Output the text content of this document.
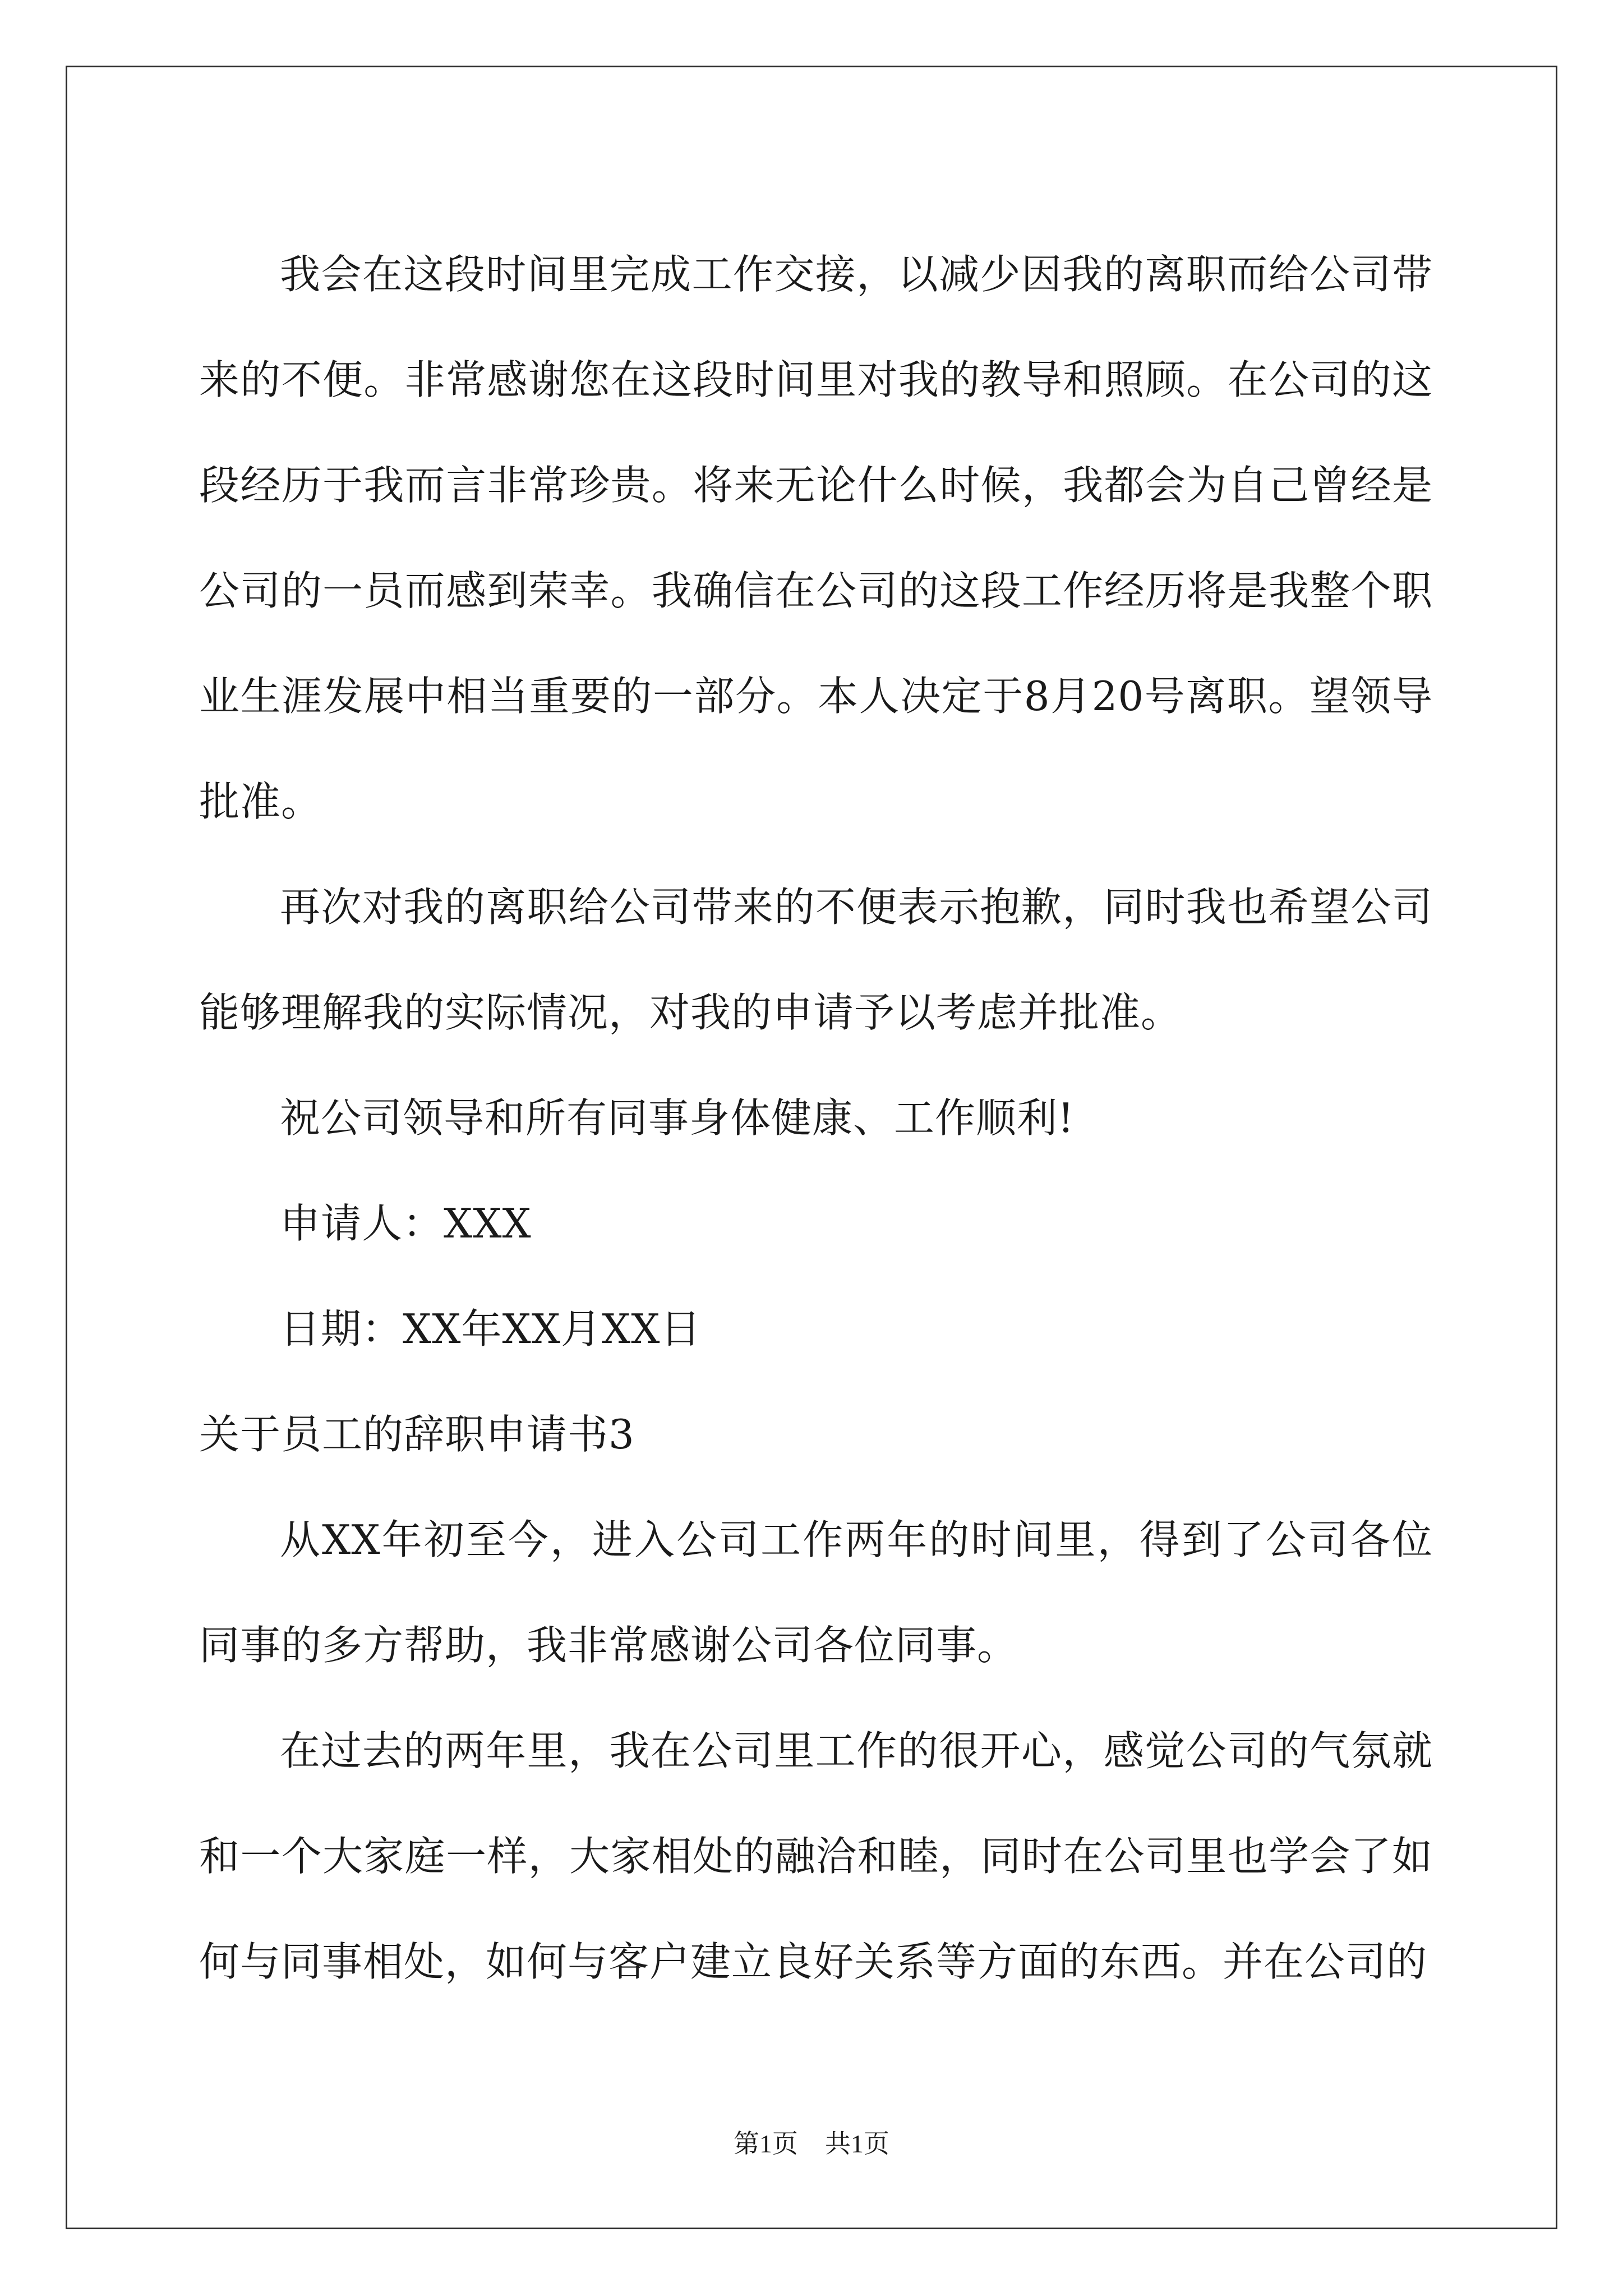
我会在这段时间里完成工作交接，以减少因我的离职而给公司带来的不便。非常感谢您在这段时间里对我的教导和照顾。在公司的这段经历于我而言非常珍贵。将来无论什么时候，我都会为自己曾经是公司的一员而感到荣幸。我确信在公司的这段工作经历将是我整个职业生涯发展中相当重要的一部分。本人决定于8月20号离职。望领导批准。

再次对我的离职给公司带来的不便表示抱歉，同时我也希望公司能够理解我的实际情况，对我的申请予以考虑并批准。

祝公司领导和所有同事身体健康、工作顺利!

申请人：XXX

日期：XX年XX月XX日

关于员工的辞职申请书3

从XX年初至今，进入公司工作两年的时间里，得到了公司各位同事的多方帮助，我非常感谢公司各位同事。

在过去的两年里，我在公司里工作的很开心，感觉公司的气氛就和一个大家庭一样，大家相处的融洽和睦，同时在公司里也学会了如何与同事相处，如何与客户建立良好关系等方面的东西。并在公司的

第1页 共1页
